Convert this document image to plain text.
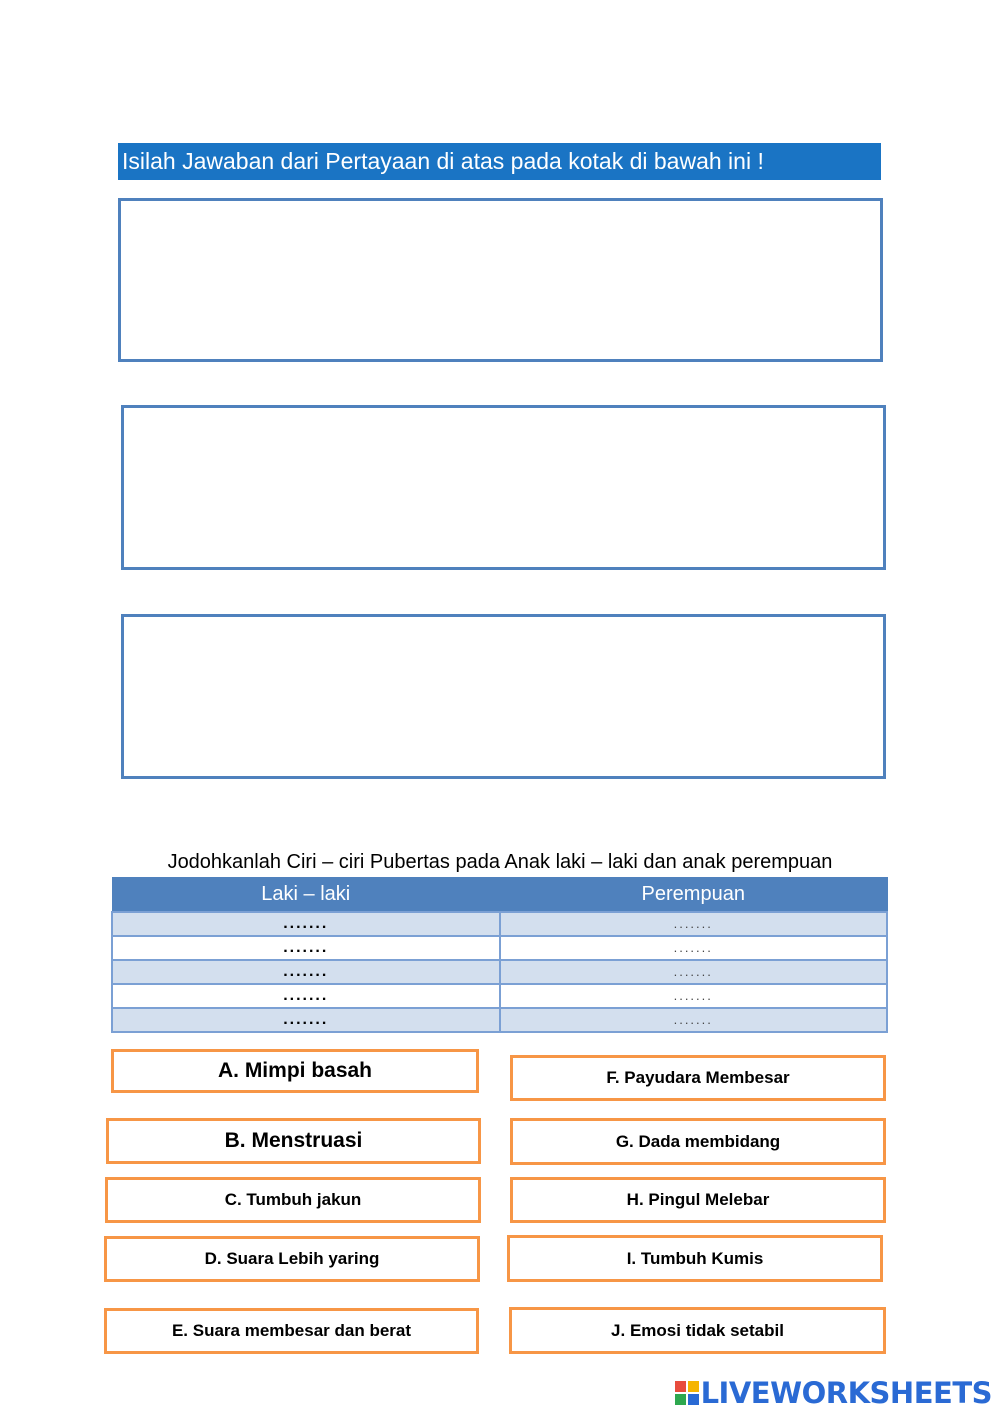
Isilah Jawaban dari Pertayaan di atas pada kotak di bawah ini !
Jodohkanlah Ciri – ciri Pubertas pada Anak laki – laki dan anak perempuan
Laki – laki	Perempuan
.......	.......
.......	.......
.......	.......
.......	.......
.......	.......
A. Mimpi basah
B. Menstruasi
C. Tumbuh jakun
D. Suara Lebih yaring
E. Suara membesar dan berat
F. Payudara Membesar
G. Dada membidang
H. Pingul Melebar
I. Tumbuh Kumis
J. Emosi tidak setabil
LIVEWORKSHEETS
